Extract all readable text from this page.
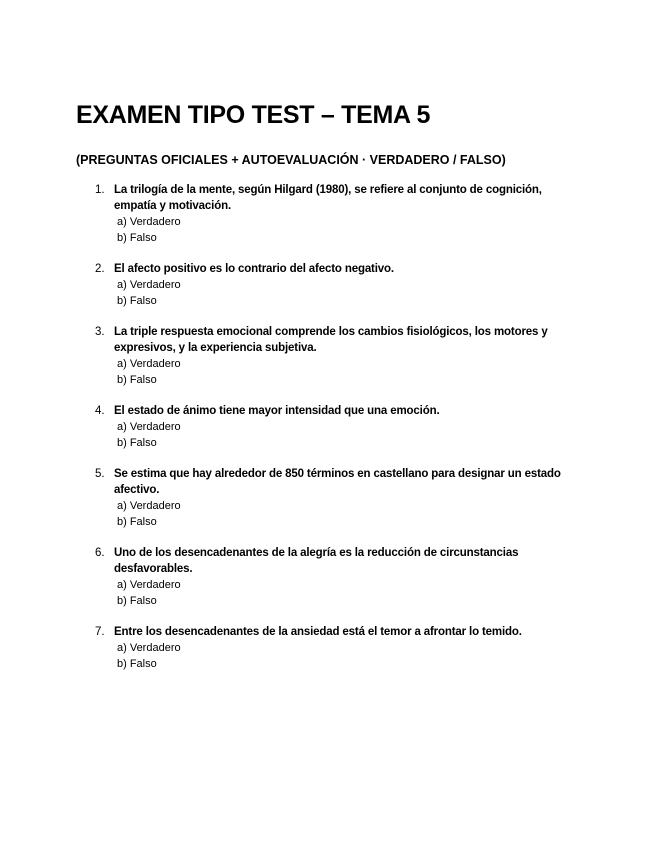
EXAMEN TIPO TEST – TEMA 5
(PREGUNTAS OFICIALES + AUTOEVALUACIÓN · VERDADERO / FALSO)
1. La trilogía de la mente, según Hilgard (1980), se refiere al conjunto de cognición, empatía y motivación.
a) Verdadero
b) Falso
2. El afecto positivo es lo contrario del afecto negativo.
a) Verdadero
b) Falso
3. La triple respuesta emocional comprende los cambios fisiológicos, los motores y expresivos, y la experiencia subjetiva.
a) Verdadero
b) Falso
4. El estado de ánimo tiene mayor intensidad que una emoción.
a) Verdadero
b) Falso
5. Se estima que hay alrededor de 850 términos en castellano para designar un estado afectivo.
a) Verdadero
b) Falso
6. Uno de los desencadenantes de la alegría es la reducción de circunstancias desfavorables.
a) Verdadero
b) Falso
7. Entre los desencadenantes de la ansiedad está el temor a afrontar lo temido.
a) Verdadero
b) Falso
